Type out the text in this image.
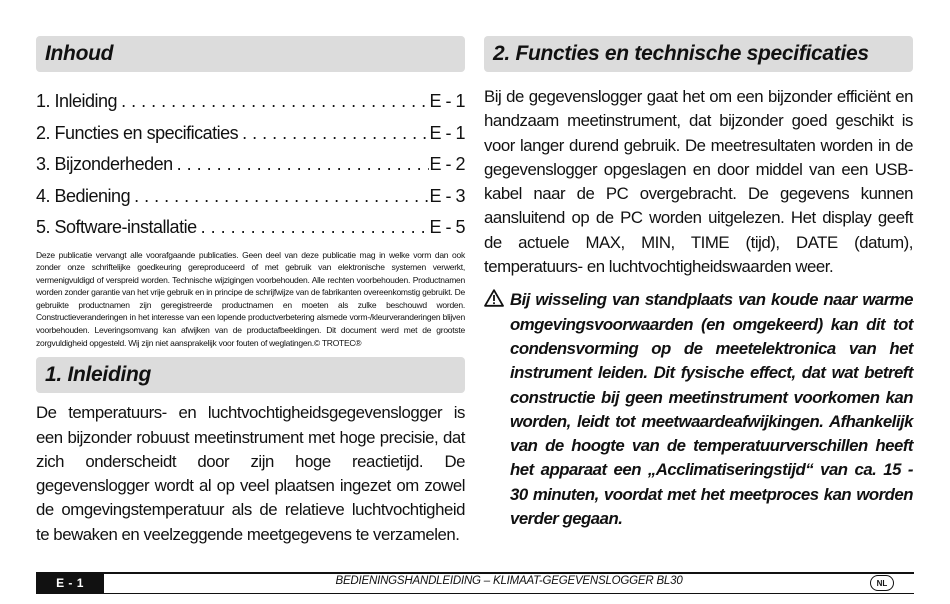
Inhoud
1. Inleiding . . .	E - 1
2. Functies en specificaties . . .	E - 1
3. Bijzonderheden . . .	E - 2
4. Bediening . . .	E - 3
5. Software-installatie . . .	E - 5

Deze publicatie vervangt alle voorafgaande publicaties. Geen deel van deze publicatie mag in welke vorm dan ook zonder onze schriftelijke goedkeuring gereproduceerd of met gebruik van elektronische systemen verwerkt, vermenigvuldigd of verspreid worden. Technische wijzigingen voorbehouden. Alle rechten voorbehouden. Productnamen worden zonder garantie van het vrije gebruik en in principe de schrijfwijze van de fabrikanten overeenkomstig gebruikt. De gebruikte productnamen zijn geregistreerde productnamen en moeten als zulke beschouwd worden. Constructieveranderingen in het interesse van een lopende productverbetering alsmede vorm-/kleurveranderingen blijven voorbehouden. Leveringsomvang kan afwijken van de productafbeeldingen. Dit document werd met de grootste zorgvuldigheid opgesteld. Wij zijn niet aansprakelijk voor fouten of weglatingen.© TROTEC®

1. Inleiding

De temperatuurs- en luchtvochtigheidsgegevenslogger is een bijzonder robuust meetinstrument met hoge precisie, dat zich onderscheidt door zijn hoge reactietijd. De gegevenslogger wordt al op veel plaatsen ingezet om zowel de omgevingstemperatuur als de relatieve luchtvochtigheid te bewaken en veelzeggende meetgegevens te verzamelen.

2. Functies en technische specificaties

Bij de gegevenslogger gaat het om een bijzonder efficiënt en handzaam meetinstrument, dat bijzonder goed geschikt is voor langer durend gebruik. De meetresultaten worden in de gegevenslogger opgeslagen en door middel van een USB-kabel naar de PC overgebracht. De gegevens kunnen aansluitend op de PC worden uitgelezen. Het display geeft de actuele MAX, MIN, TIME (tijd), DATE (datum), temperatuurs- en luchtvochtigheidswaarden weer.

Bij wisseling van standplaats van koude naar warme omgevingsvoorwaarden (en omgekeerd) kan dit tot condensvorming op de meetelektronica van het instrument leiden. Dit fysische effect, dat wat betreft constructie bij geen meetinstrument voorkomen kan worden, leidt tot meetwaardeafwijkingen. Afhankelijk van de hoogte van de temperatuurverschillen heeft het apparaat een „Acclimatiseringstijd“ van ca. 15 - 30 minuten, voordat met het meetproces kan worden verder gegaan.

E - 1	BEDIENINGSHANDLEIDING – KLIMAAT-GEGEVENSLOGGER BL30	NL
